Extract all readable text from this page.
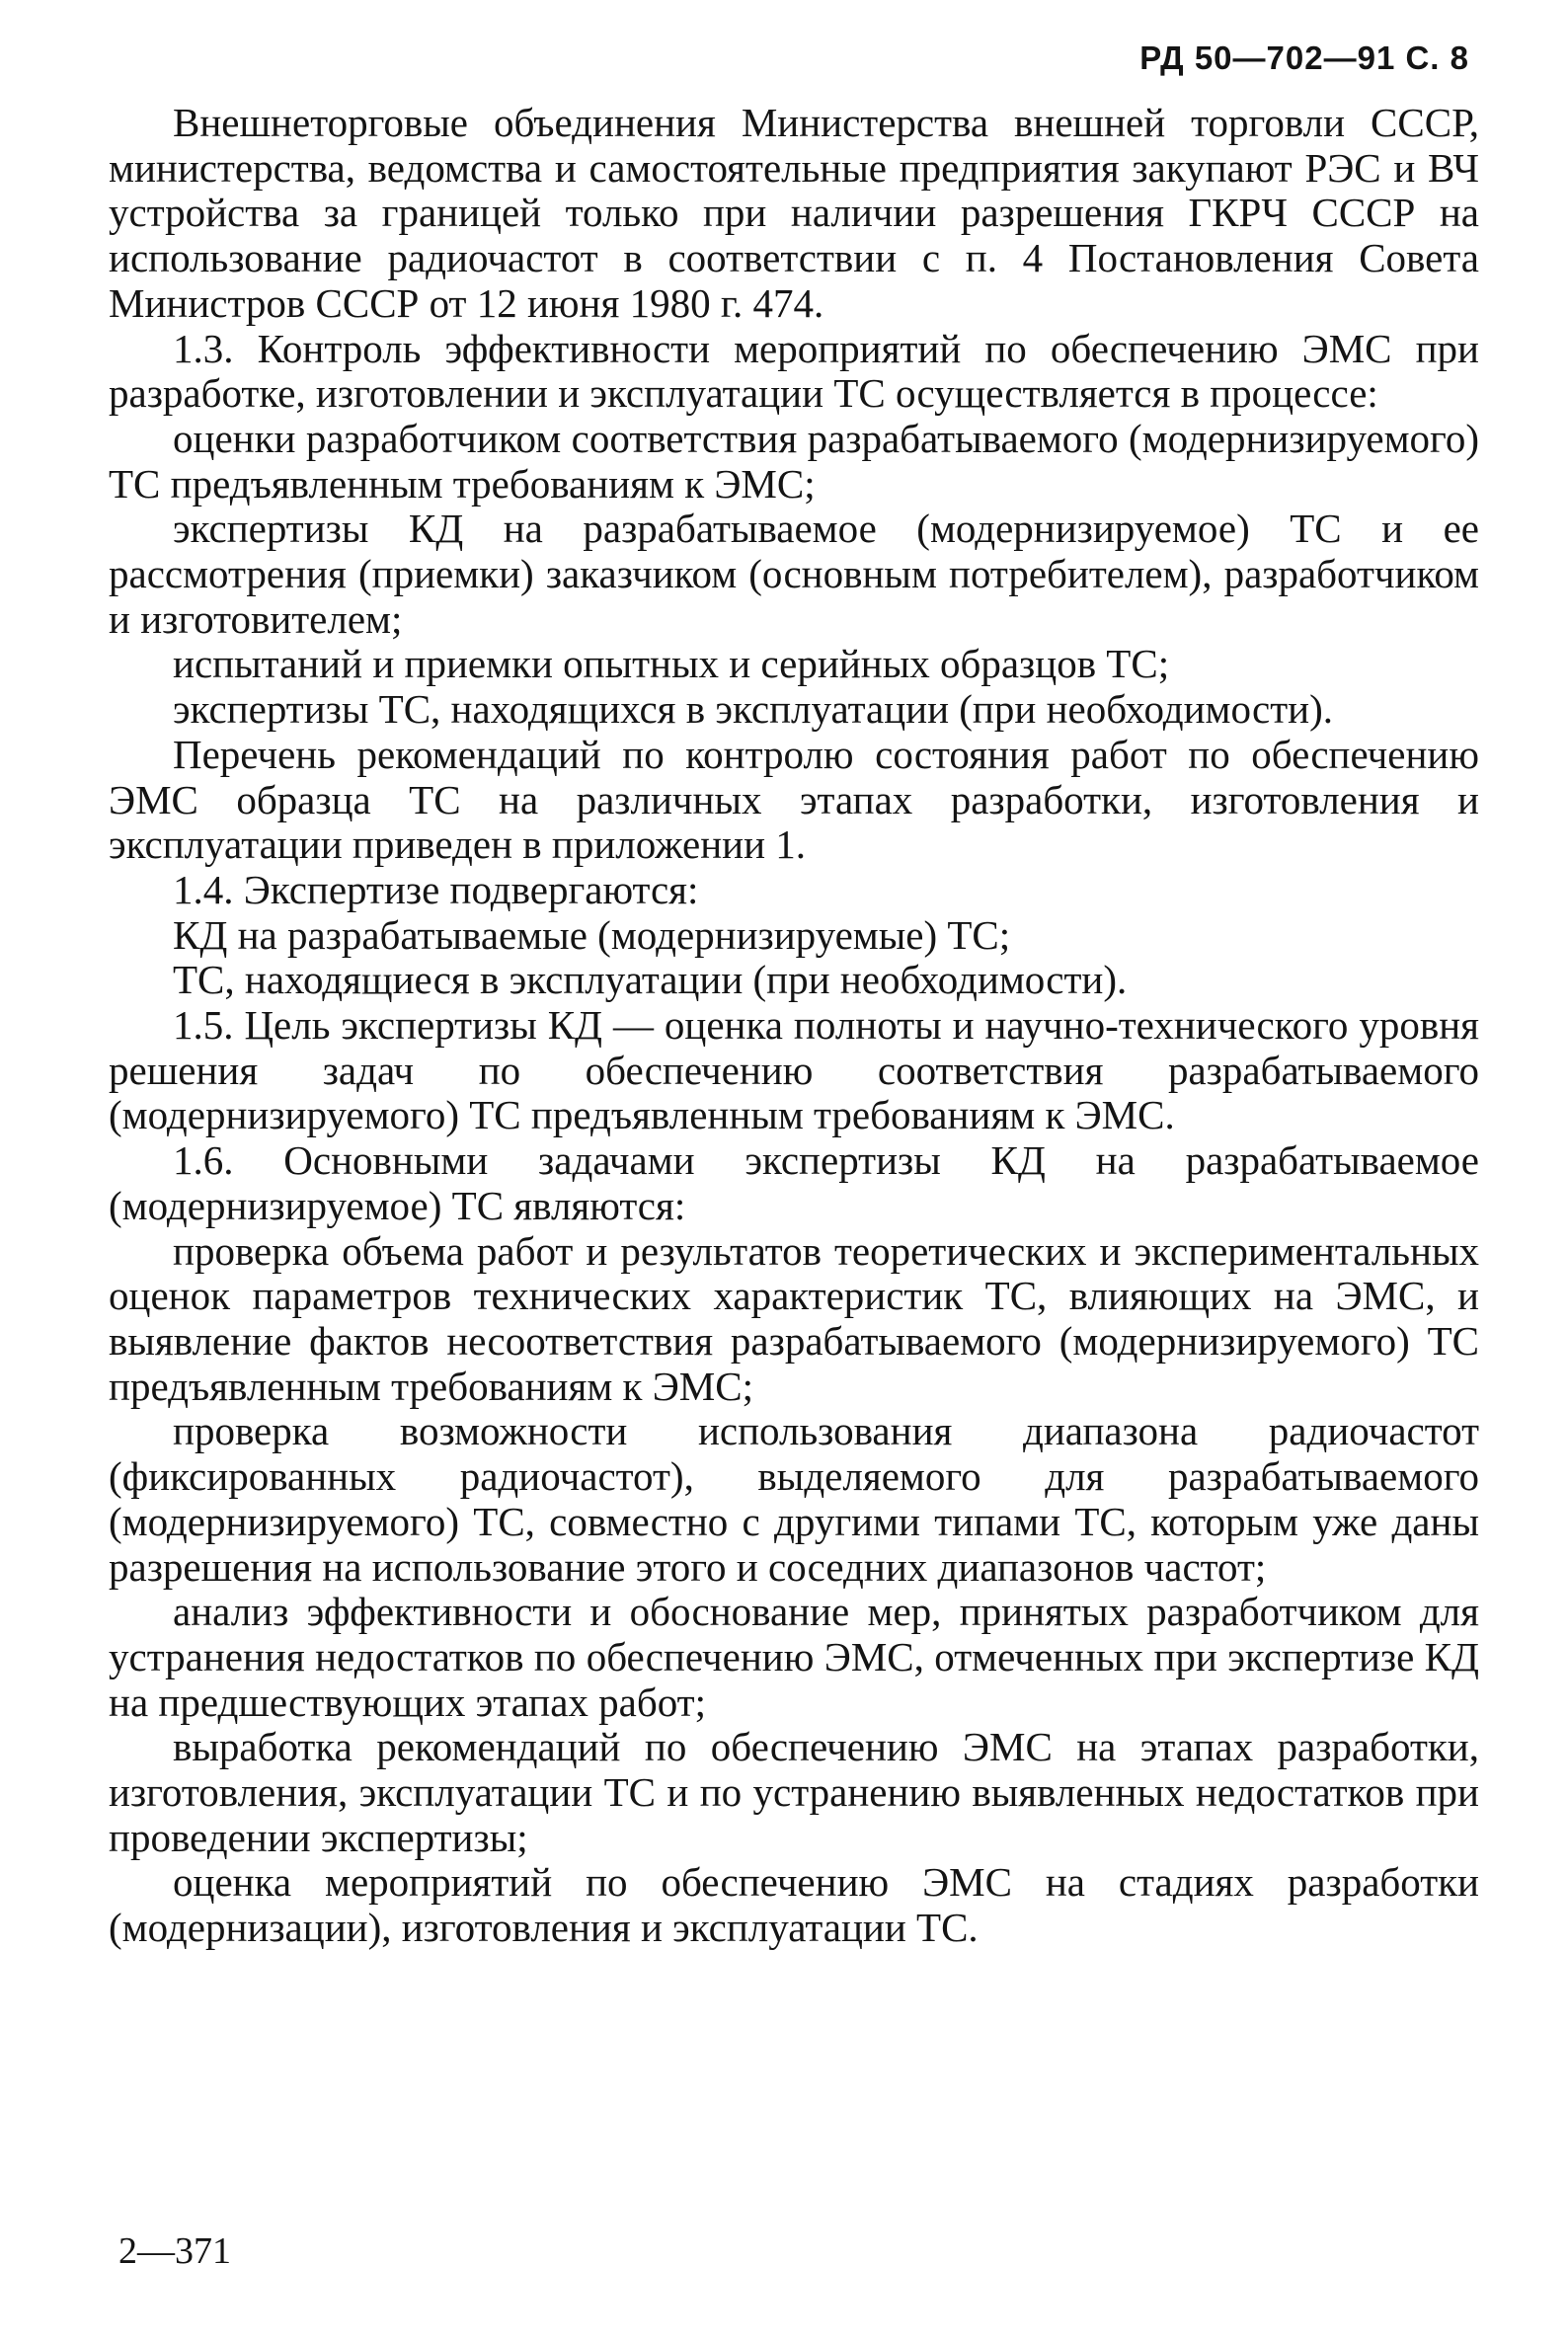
РД 50—702—91 С. 8

Внешнеторговые объединения Министерства внешней торговли СССР, министерства, ведомства и самостоятельные предприятия закупают РЭС и ВЧ устройства за границей только при наличии разрешения ГКРЧ СССР на использование радиочастот в соответствии с п. 4 Постановления Совета Министров СССР от 12 июня 1980 г. 474.

1.3. Контроль эффективности мероприятий по обеспечению ЭМС при разработке, изготовлении и эксплуатации ТС осуществляется в процессе:

оценки разработчиком соответствия разрабатываемого (модернизируемого) ТС предъявленным требованиям к ЭМС;

экспертизы КД на разрабатываемое (модернизируемое) ТС и ее рассмотрения (приемки) заказчиком (основным потребителем), разработчиком и изготовителем;

испытаний и приемки опытных и серийных образцов ТС;

экспертизы ТС, находящихся в эксплуатации (при необходимости).

Перечень рекомендаций по контролю состояния работ по обеспечению ЭМС образца ТС на различных этапах разработки, изготовления и эксплуатации приведен в приложении 1.

1.4. Экспертизе подвергаются:

КД на разрабатываемые (модернизируемые) ТС;

ТС, находящиеся в эксплуатации (при необходимости).

1.5. Цель экспертизы КД — оценка полноты и научно-технического уровня решения задач по обеспечению соответствия разрабатываемого (модернизируемого) ТС предъявленным требованиям к ЭМС.

1.6. Основными задачами экспертизы КД на разрабатываемое (модернизируемое) ТС являются:

проверка объема работ и результатов теоретических и экспериментальных оценок параметров технических характеристик ТС, влияющих на ЭМС, и выявление фактов несоответствия разрабатываемого (модернизируемого) ТС предъявленным требованиям к ЭМС;

проверка возможности использования диапазона радиочастот (фиксированных радиочастот), выделяемого для разрабатываемого (модернизируемого) ТС, совместно с другими типами ТС, которым уже даны разрешения на использование этого и соседних диапазонов частот;

анализ эффективности и обоснование мер, принятых разработчиком для устранения недостатков по обеспечению ЭМС, отмеченных при экспертизе КД на предшествующих этапах работ;

выработка рекомендаций по обеспечению ЭМС на этапах разработки, изготовления, эксплуатации ТС и по устранению выявленных недостатков при проведении экспертизы;

оценка мероприятий по обеспечению ЭМС на стадиях разработки (модернизации), изготовления и эксплуатации ТС.

2—371
